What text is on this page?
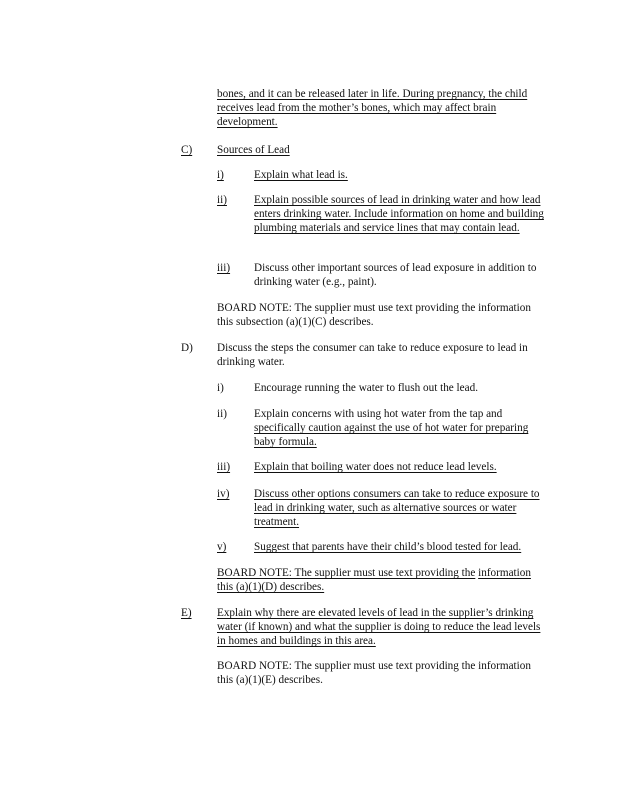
bones, and it can be released later in life. During pregnancy, the child receives lead from the mother’s bones, which may affect brain development.

C) Sources of Lead

i)	Explain what lead is.

ii) Explain possible sources of lead in drinking water and how lead enters drinking water. Include information on home and building plumbing materials and service lines that may contain lead.

iii) Discuss other important sources of lead exposure in addition to drinking water (e.g., paint).

BOARD NOTE: The supplier must use text providing the information this subsection (a)(1)(C) describes.

D) Discuss the steps the consumer can take to reduce exposure to lead in drinking water.

i)	Encourage running the water to flush out the lead.

ii) Explain concerns with using hot water from the tap and specifically caution against the use of hot water for preparing baby formula.

iii) Explain that boiling water does not reduce lead levels.

iv) Discuss other options consumers can take to reduce exposure to lead in drinking water, such as alternative sources or water treatment.

v) Suggest that parents have their child’s blood tested for lead.

BOARD NOTE: The supplier must use text providing the information this (a)(1)(D) describes.

E) Explain why there are elevated levels of lead in the supplier’s drinking water (if known) and what the supplier is doing to reduce the lead levels in homes and buildings in this area.

BOARD NOTE: The supplier must use text providing the information this (a)(1)(E) describes.
